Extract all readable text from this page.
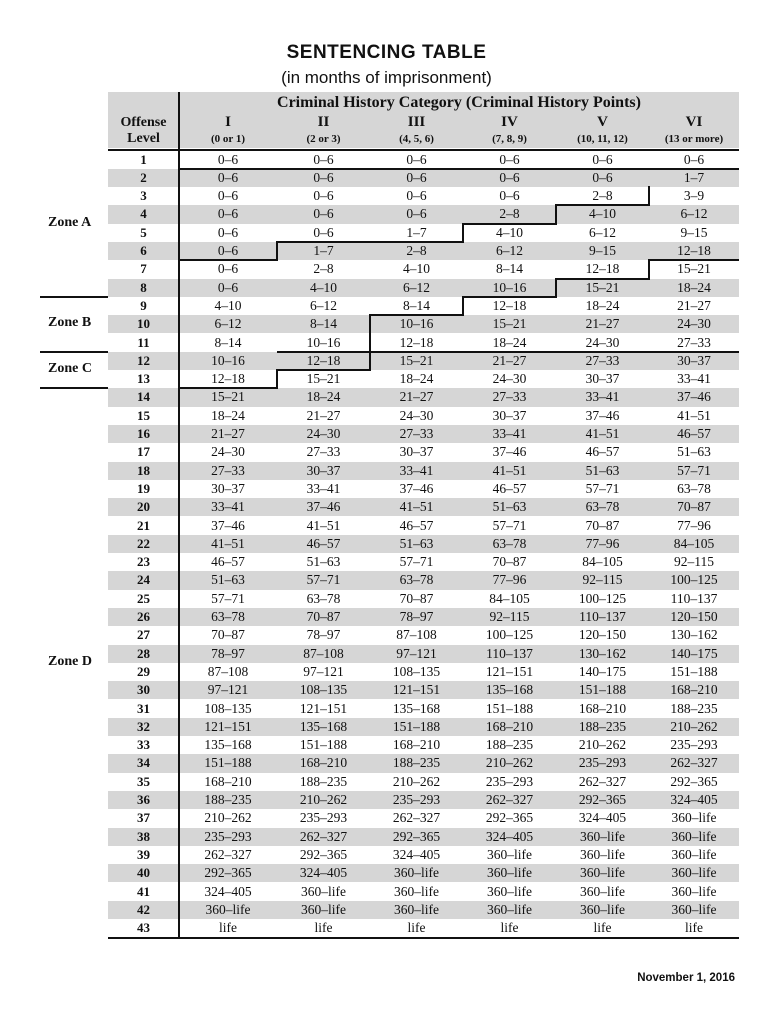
SENTENCING TABLE
(in months of imprisonment)
Offense
Level
Criminal History Category (Criminal History Points)
I
(0 or 1)
II
(2 or 3)
III
(4, 5, 6)
IV
(7, 8, 9)
V
(10, 11, 12)
VI
(13 or more)
1	0–6	0–6	0–6	0–6	0–6	0–6
2	0–6	0–6	0–6	0–6	0–6	1–7
3	0–6	0–6	0–6	0–6	2–8	3–9
4	0–6	0–6	0–6	2–8	4–10	6–12
5	0–6	0–6	1–7	4–10	6–12	9–15
6	0–6	1–7	2–8	6–12	9–15	12–18
7	0–6	2–8	4–10	8–14	12–18	15–21
8	0–6	4–10	6–12	10–16	15–21	18–24
9	4–10	6–12	8–14	12–18	18–24	21–27
10	6–12	8–14	10–16	15–21	21–27	24–30
11	8–14	10–16	12–18	18–24	24–30	27–33
12	10–16	12–18	15–21	21–27	27–33	30–37
13	12–18	15–21	18–24	24–30	30–37	33–41
14	15–21	18–24	21–27	27–33	33–41	37–46
15	18–24	21–27	24–30	30–37	37–46	41–51
16	21–27	24–30	27–33	33–41	41–51	46–57
17	24–30	27–33	30–37	37–46	46–57	51–63
18	27–33	30–37	33–41	41–51	51–63	57–71
19	30–37	33–41	37–46	46–57	57–71	63–78
20	33–41	37–46	41–51	51–63	63–78	70–87
21	37–46	41–51	46–57	57–71	70–87	77–96
22	41–51	46–57	51–63	63–78	77–96	84–105
23	46–57	51–63	57–71	70–87	84–105	92–115
24	51–63	57–71	63–78	77–96	92–115	100–125
25	57–71	63–78	70–87	84–105	100–125	110–137
26	63–78	70–87	78–97	92–115	110–137	120–150
27	70–87	78–97	87–108	100–125	120–150	130–162
28	78–97	87–108	97–121	110–137	130–162	140–175
29	87–108	97–121	108–135	121–151	140–175	151–188
30	97–121	108–135	121–151	135–168	151–188	168–210
31	108–135	121–151	135–168	151–188	168–210	188–235
32	121–151	135–168	151–188	168–210	188–235	210–262
33	135–168	151–188	168–210	188–235	210–262	235–293
34	151–188	168–210	188–235	210–262	235–293	262–327
35	168–210	188–235	210–262	235–293	262–327	292–365
36	188–235	210–262	235–293	262–327	292–365	324–405
37	210–262	235–293	262–327	292–365	324–405	360–life
38	235–293	262–327	292–365	324–405	360–life	360–life
39	262–327	292–365	324–405	360–life	360–life	360–life
40	292–365	324–405	360–life	360–life	360–life	360–life
41	324–405	360–life	360–life	360–life	360–life	360–life
42	360–life	360–life	360–life	360–life	360–life	360–life
43	life	life	life	life	life	life
Zone A
Zone B
Zone C
Zone D
November 1, 2016
